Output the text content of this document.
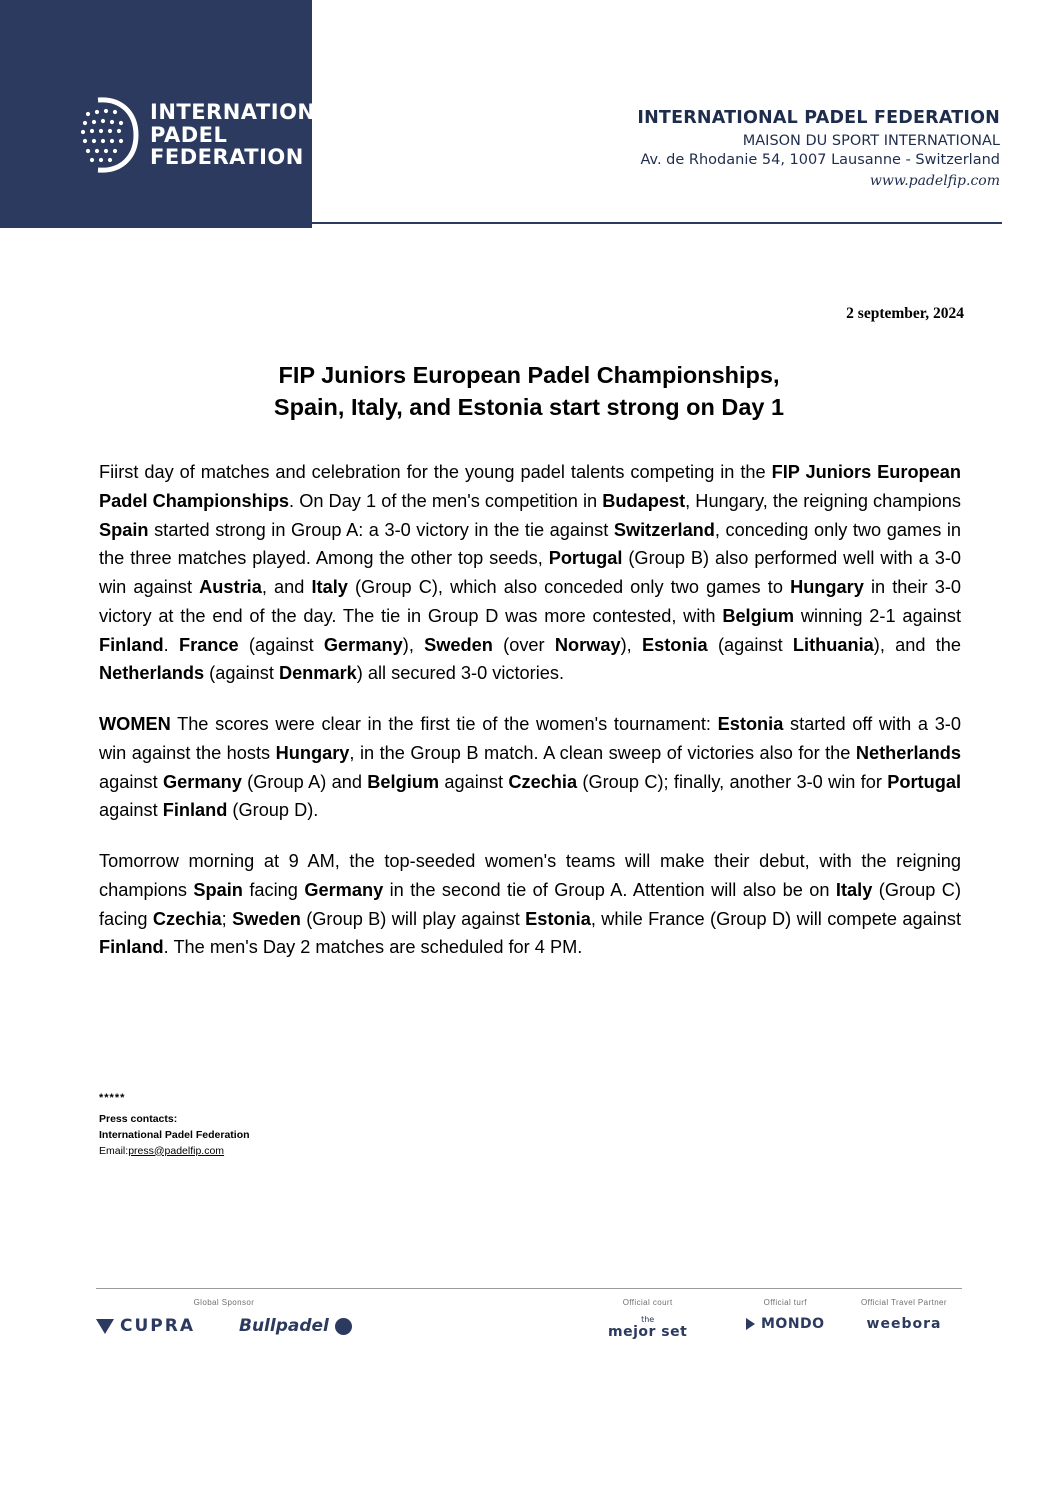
INTERNATIONAL
PADEL
FEDERATION
INTERNATIONAL PADEL FEDERATION
MAISON DU SPORT INTERNATIONAL
Av. de Rhodanie 54, 1007 Lausanne - Switzerland
www.padelfip.com
2 september, 2024
FIP Juniors European Padel Championships,
Spain, Italy, and Estonia start strong on Day 1

Fiirst day of matches and celebration for the young padel talents competing in the FIP Juniors European Padel Championships. On Day 1 of the men's competition in Budapest, Hungary, the reigning champions Spain started strong in Group A: a 3-0 victory in the tie against Switzerland, conceding only two games in the three matches played. Among the other top seeds, Portugal (Group B) also performed well with a 3-0 win against Austria, and Italy (Group C), which also conceded only two games to Hungary in their 3-0 victory at the end of the day. The tie in Group D was more contested, with Belgium winning 2-1 against Finland. France (against Germany), Sweden (over Norway), Estonia (against Lithuania), and the Netherlands (against Denmark) all secured 3-0 victories.

WOMEN The scores were clear in the first tie of the women's tournament: Estonia started off with a 3-0 win against the hosts Hungary, in the Group B match. A clean sweep of victories also for the Netherlands against Germany (Group A) and Belgium against Czechia (Group C); finally, another 3-0 win for Portugal against Finland (Group D).

Tomorrow morning at 9 AM, the top-seeded women's teams will make their debut, with the reigning champions Spain facing Germany in the second tie of Group A. Attention will also be on Italy (Group C) facing Czechia; Sweden (Group B) will play against Estonia, while France (Group D) will compete against Finland. The men's Day 2 matches are scheduled for 4 PM.

*****
Press contacts:
International Padel Federation
Email:press@padelfip.com
Global Sponsor
CUPRA	Bullpadel
Official court
the
mejor set
Official turf
MONDO
Official Travel Partner
weebora
